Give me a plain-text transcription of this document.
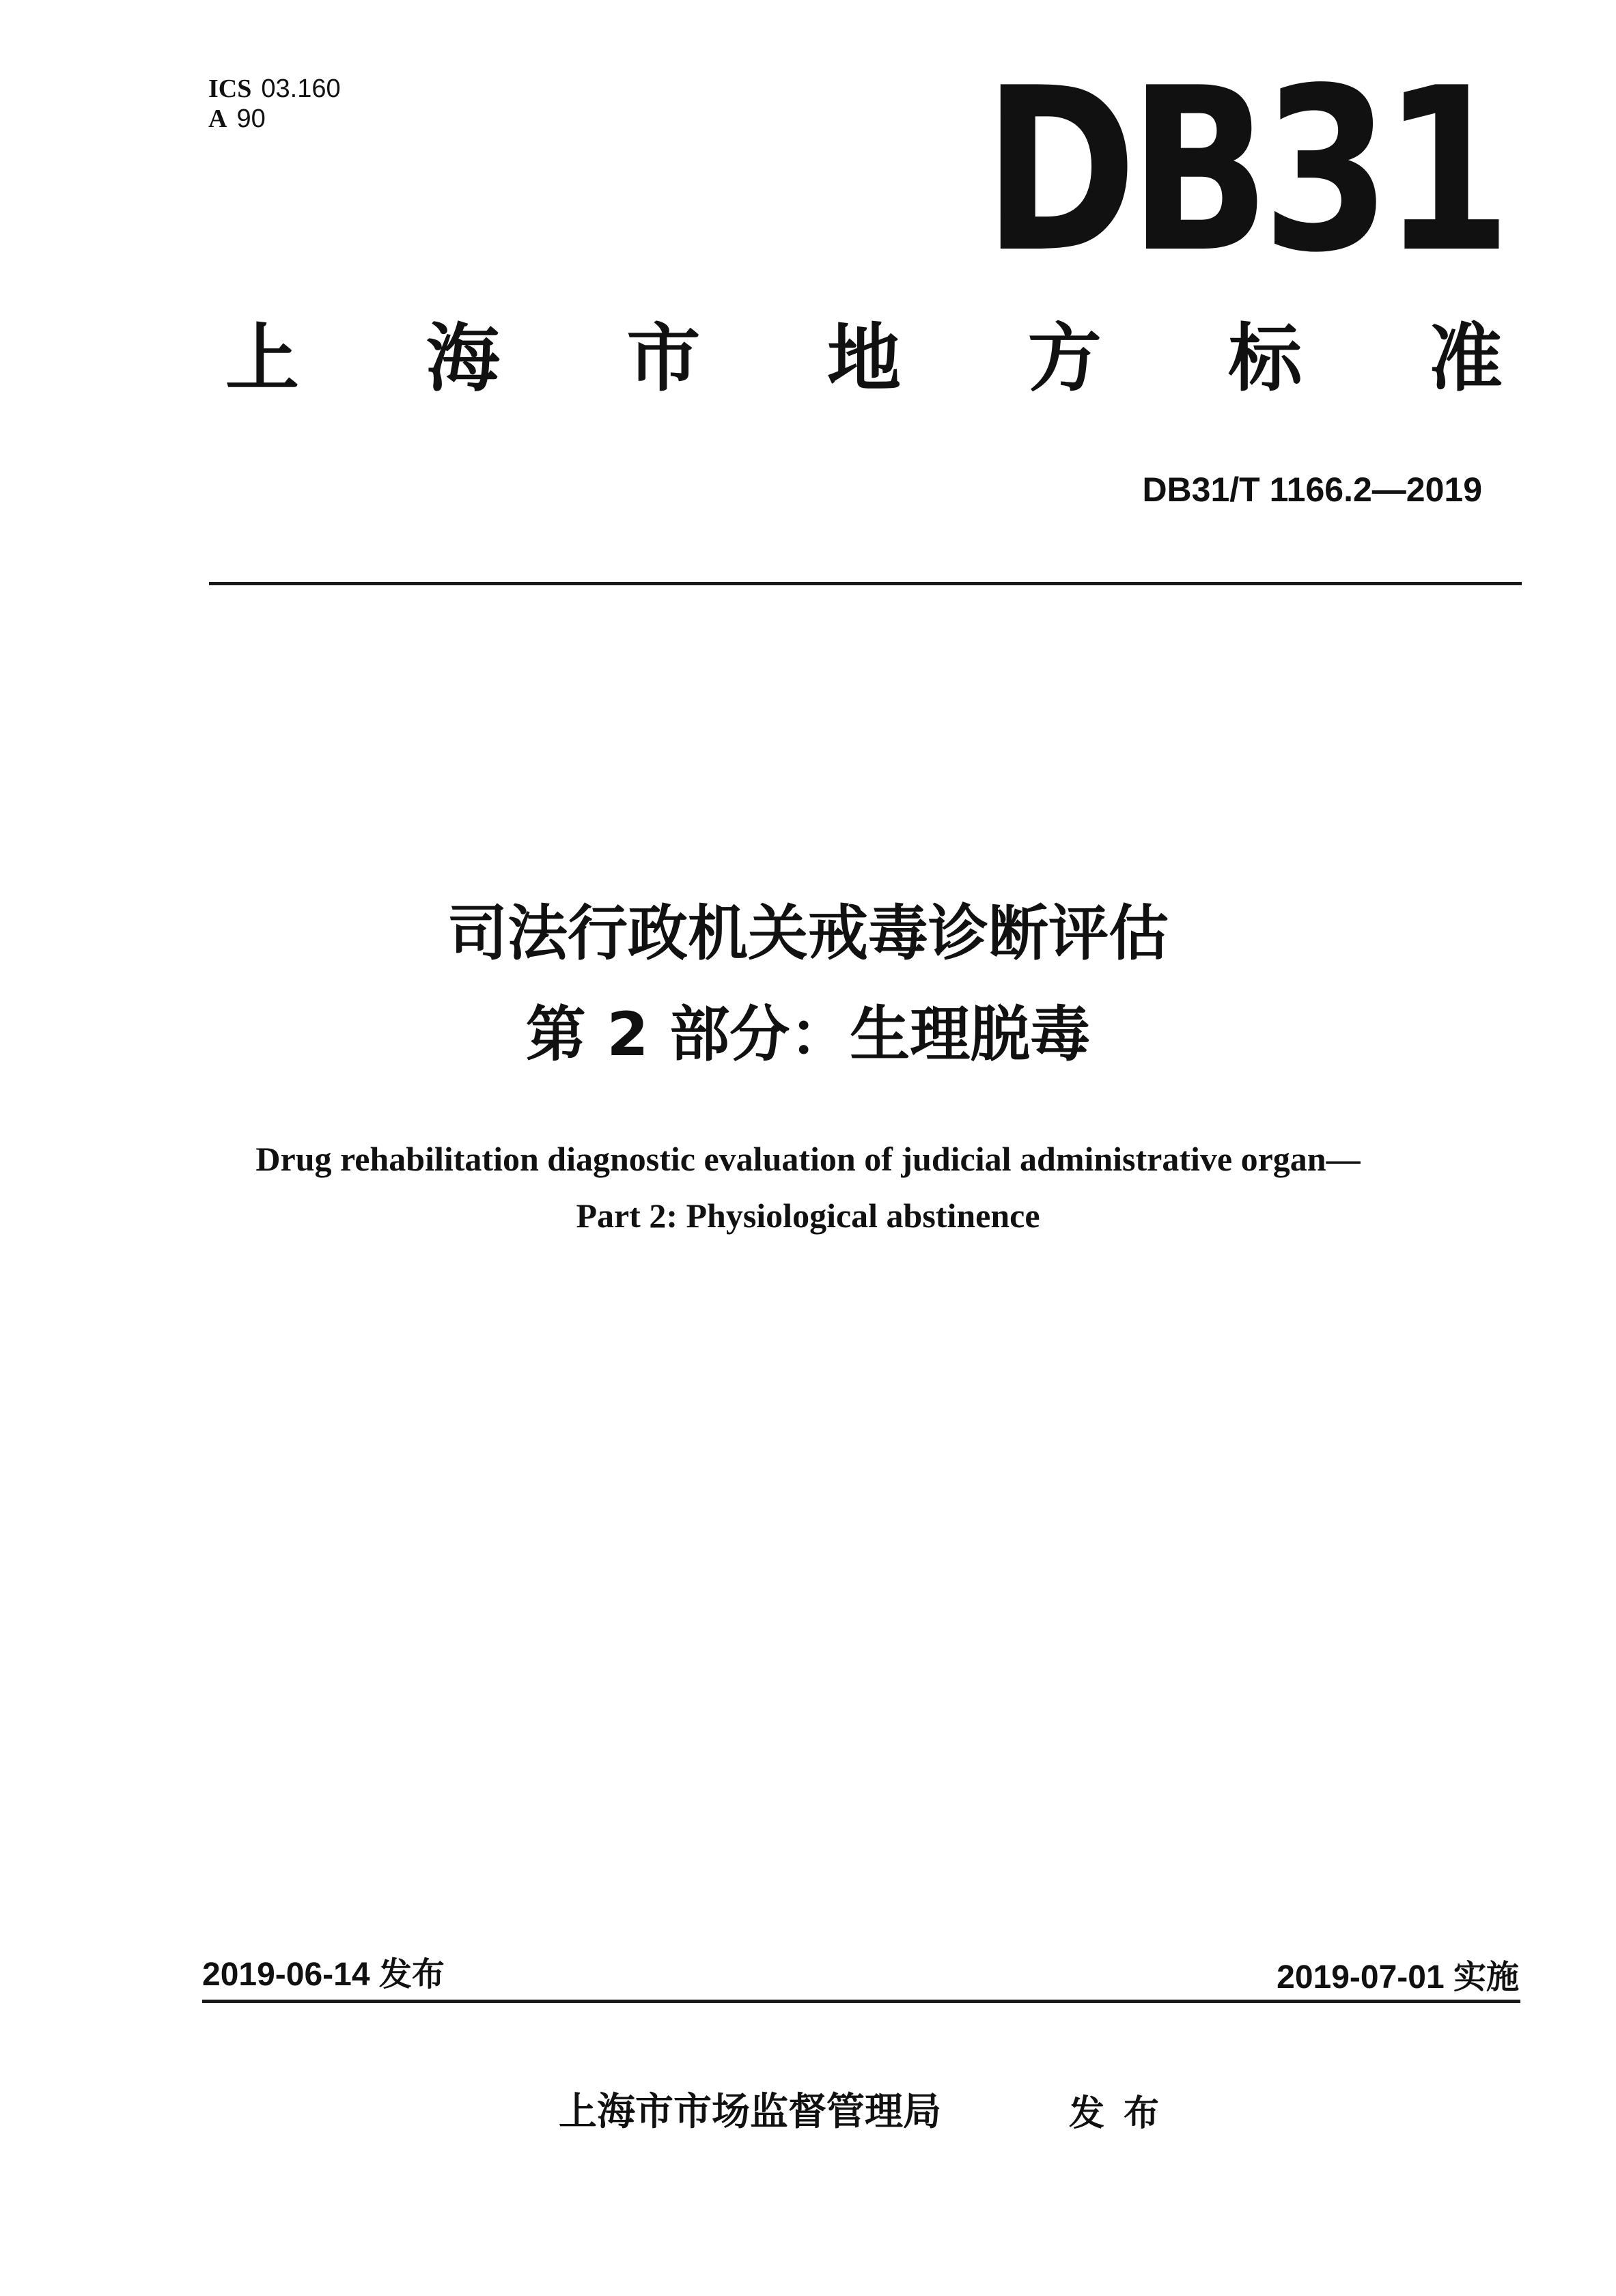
ICS 03.160
A 90	DB31
上 海 市 地 方 标 准
DB31/T 1166.2—2019
司法行政机关戒毒诊断评估
第 2 部分：生理脱毒
Drug rehabilitation diagnostic evaluation of judicial administrative organ—
Part 2: Physiological abstinence
2019-06-14 发布	2019-07-01 实施
上海市市场监督管理局	发布
